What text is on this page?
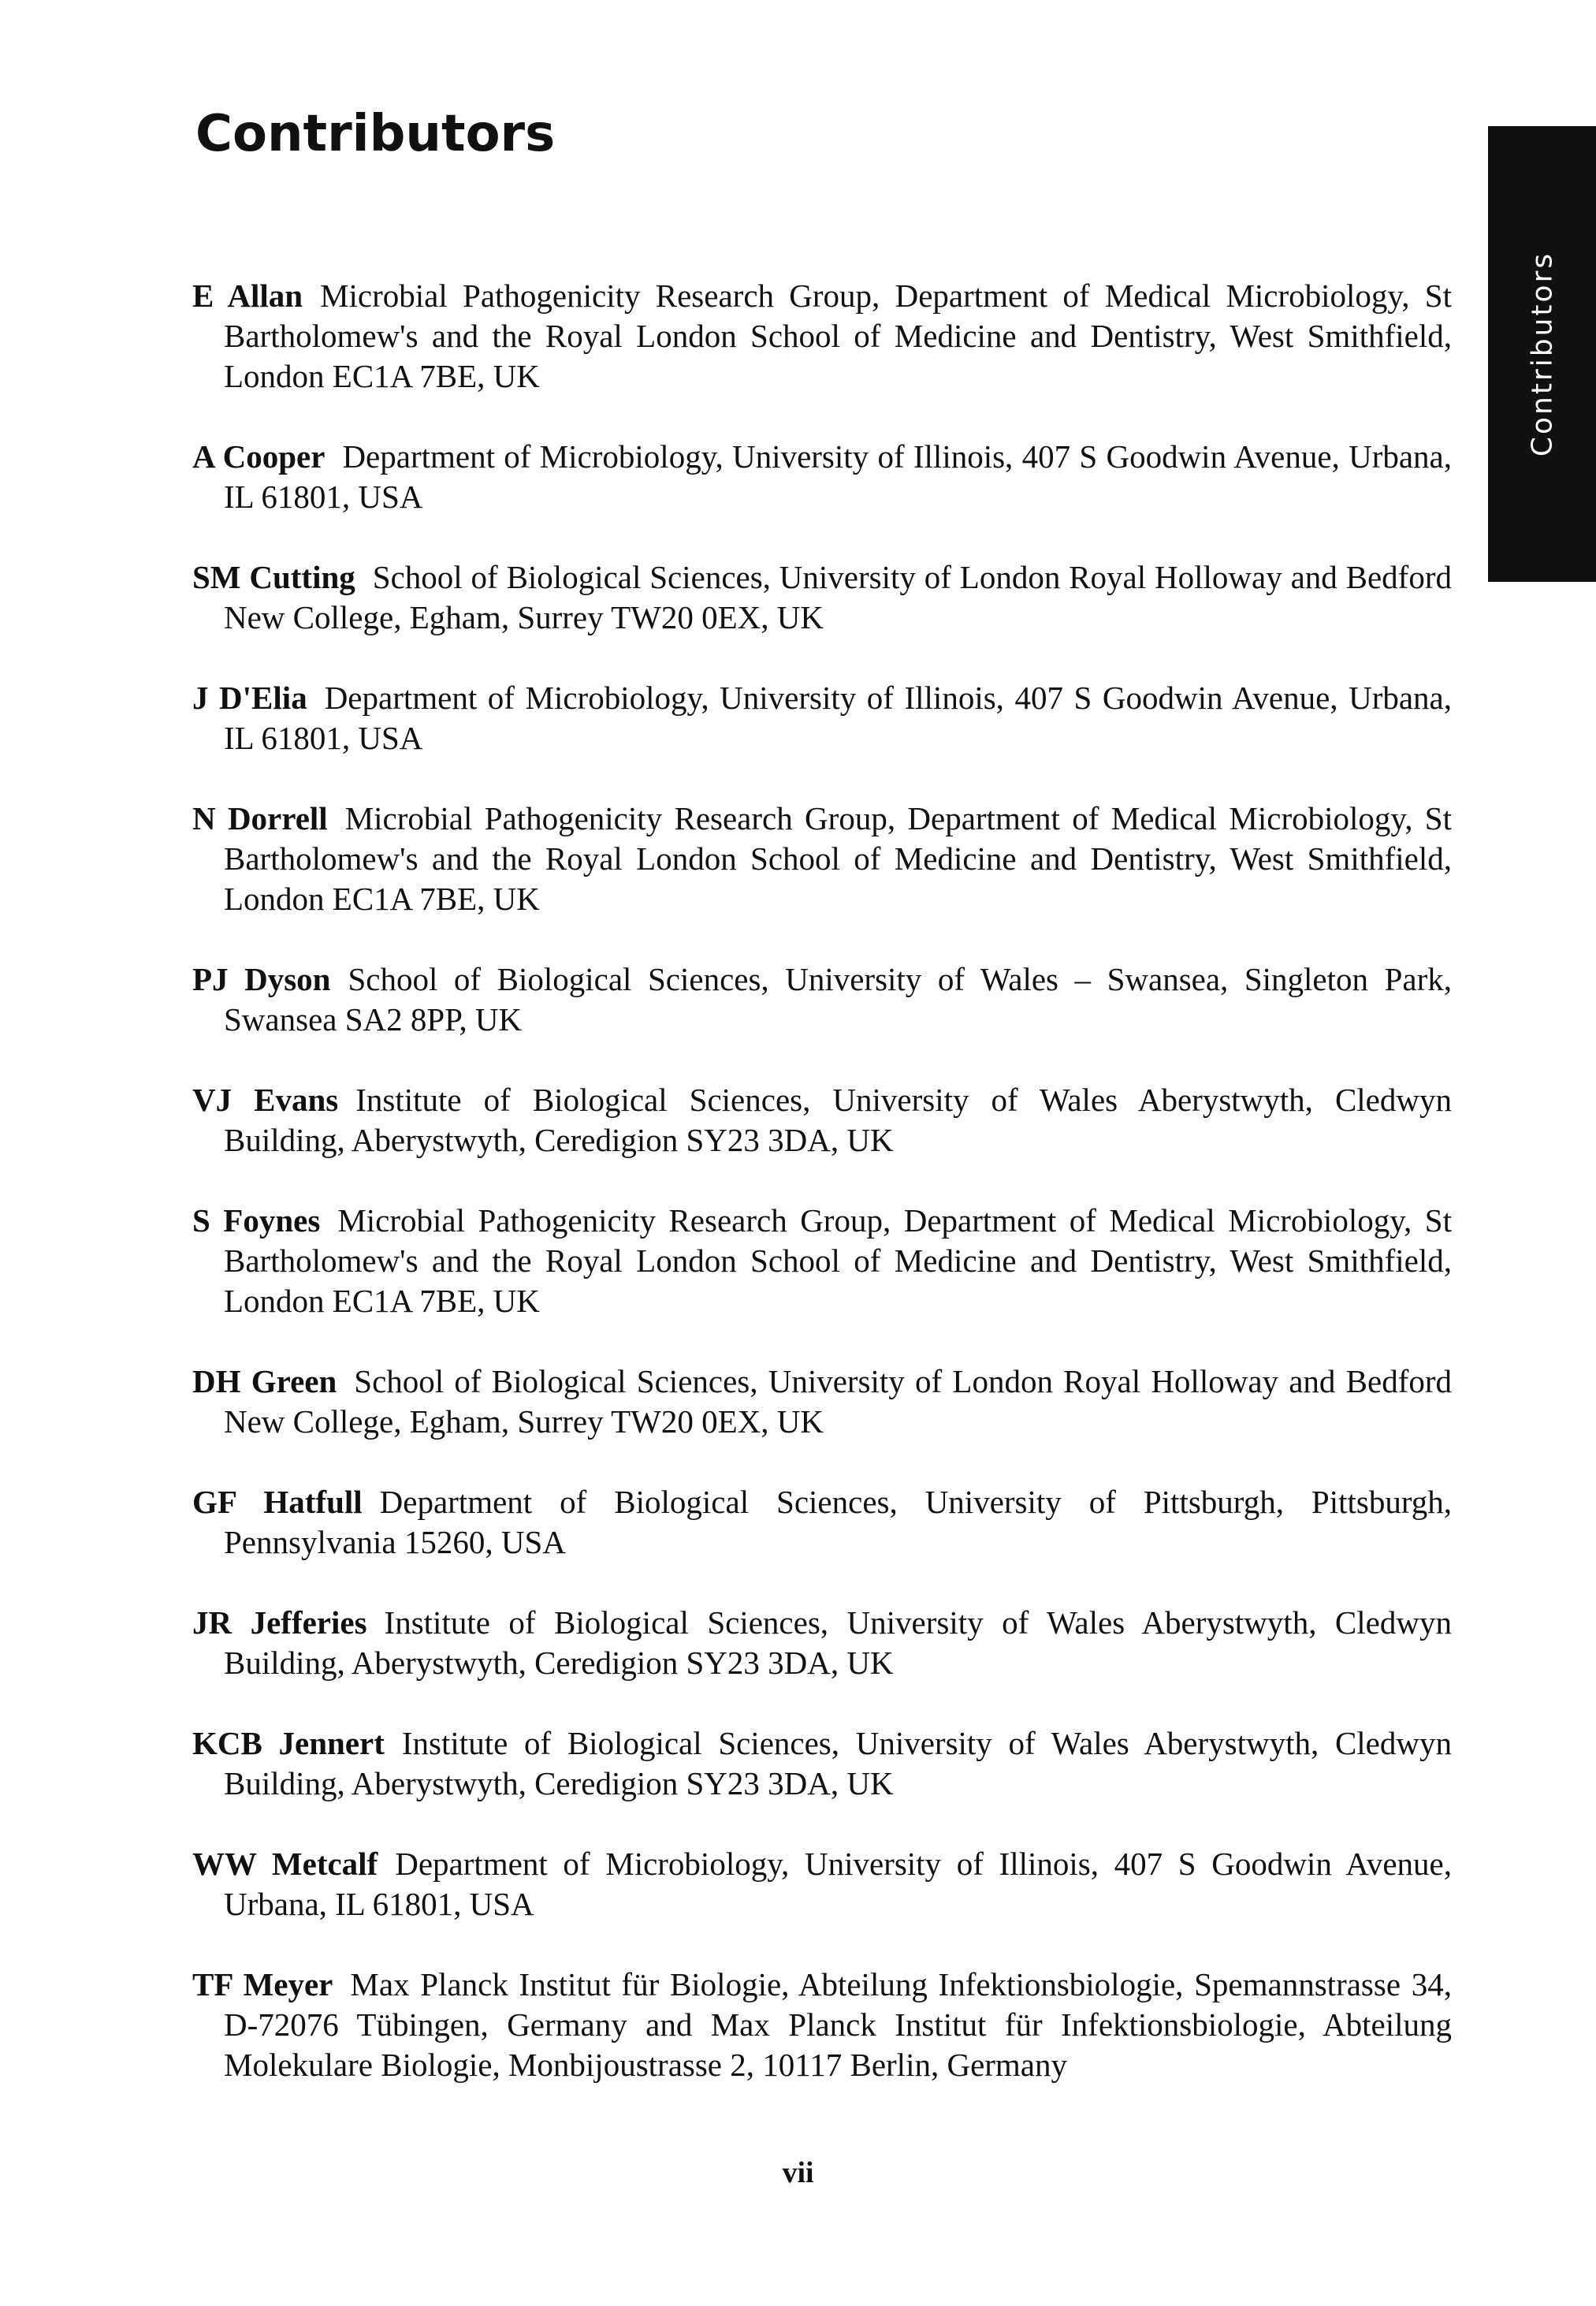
Contributors
Contributors
E Allan Microbial Pathogenicity Research Group, Department of Medical Microbiology, St Bartholomew's and the Royal London School of Medicine and Dentistry, West Smithfield, London EC1A 7BE, UK
A Cooper Department of Microbiology, University of Illinois, 407 S Goodwin Avenue, Urbana, IL 61801, USA
SM Cutting School of Biological Sciences, University of London Royal Holloway and Bedford New College, Egham, Surrey TW20 0EX, UK
J D'Elia Department of Microbiology, University of Illinois, 407 S Goodwin Avenue, Urbana, IL 61801, USA
N Dorrell Microbial Pathogenicity Research Group, Department of Medical Microbiology, St Bartholomew's and the Royal London School of Medicine and Dentistry, West Smithfield, London EC1A 7BE, UK
PJ Dyson School of Biological Sciences, University of Wales – Swansea, Singleton Park, Swansea SA2 8PP, UK
VJ Evans Institute of Biological Sciences, University of Wales Aberystwyth, Cledwyn Building, Aberystwyth, Ceredigion SY23 3DA, UK
S Foynes Microbial Pathogenicity Research Group, Department of Medical Microbiology, St Bartholomew's and the Royal London School of Medicine and Dentistry, West Smithfield, London EC1A 7BE, UK
DH Green School of Biological Sciences, University of London Royal Holloway and Bedford New College, Egham, Surrey TW20 0EX, UK
GF Hatfull Department of Biological Sciences, University of Pittsburgh, Pittsburgh, Pennsylvania 15260, USA
JR Jefferies Institute of Biological Sciences, University of Wales Aberystwyth, Cledwyn Building, Aberystwyth, Ceredigion SY23 3DA, UK
KCB Jennert Institute of Biological Sciences, University of Wales Aberystwyth, Cledwyn Building, Aberystwyth, Ceredigion SY23 3DA, UK
WW Metcalf Department of Microbiology, University of Illinois, 407 S Goodwin Avenue, Urbana, IL 61801, USA
TF Meyer Max Planck Institut für Biologie, Abteilung Infektionsbiologie, Spemannstrasse 34, D-72076 Tübingen, Germany and Max Planck Institut für Infektionsbiologie, Abteilung Molekulare Biologie, Monbijoustrasse 2, 10117 Berlin, Germany
vii
